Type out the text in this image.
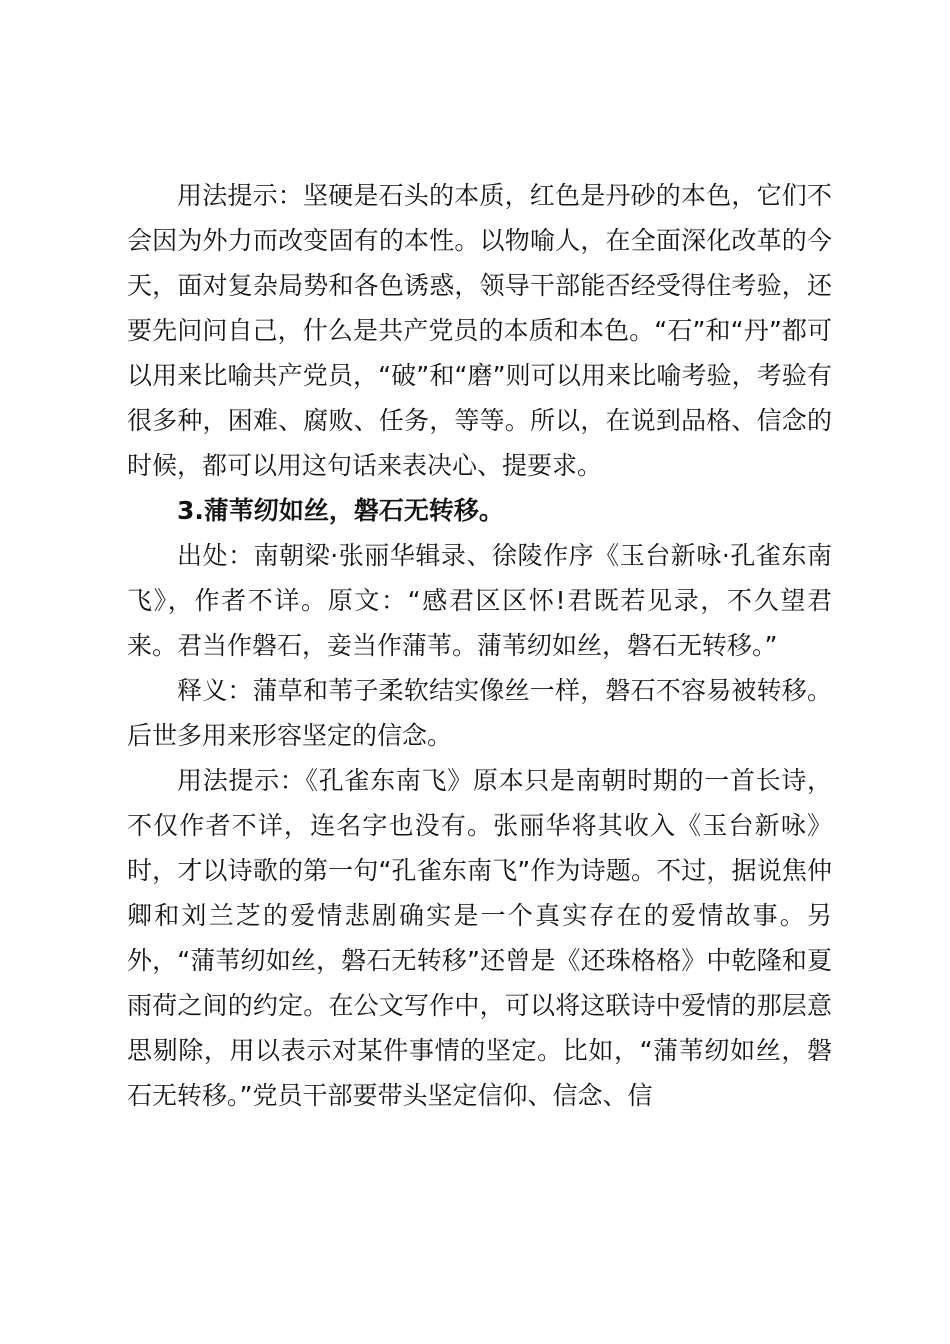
用法提示：坚硬是石头的本质，红色是丹砂的本色，它们不会因为外力而改变固有的本性。以物喻人，在全面深化改革的今天，面对复杂局势和各色诱惑，领导干部能否经受得住考验，还要先问问自己，什么是共产党员的本质和本色。“石”和“丹”都可以用来比喻共产党员，“破”和“磨”则可以用来比喻考验，考验有很多种，困难、腐败、任务，等等。所以，在说到品格、信念的时候，都可以用这句话来表决心、提要求。

3.蒲苇纫如丝，磐石无转移。

出处：南朝梁·张丽华辑录、徐陵作序《玉台新咏·孔雀东南飞》，作者不详。原文：“感君区区怀!君既若见录，不久望君来。君当作磐石，妾当作蒲苇。蒲苇纫如丝，磐石无转移。”

释义：蒲草和苇子柔软结实像丝一样，磐石不容易被转移。后世多用来形容坚定的信念。

用法提示：《孔雀东南飞》原本只是南朝时期的一首长诗，不仅作者不详，连名字也没有。张丽华将其收入《玉台新咏》时，才以诗歌的第一句“孔雀东南飞”作为诗题。不过，据说焦仲卿和刘兰芝的爱情悲剧确实是一个真实存在的爱情故事。另外，“蒲苇纫如丝，磐石无转移”还曾是《还珠格格》中乾隆和夏雨荷之间的约定。在公文写作中，可以将这联诗中爱情的那层意思剔除，用以表示对某件事情的坚定。比如，“蒲苇纫如丝，磐石无转移。”党员干部要带头坚定信仰、信念、信
